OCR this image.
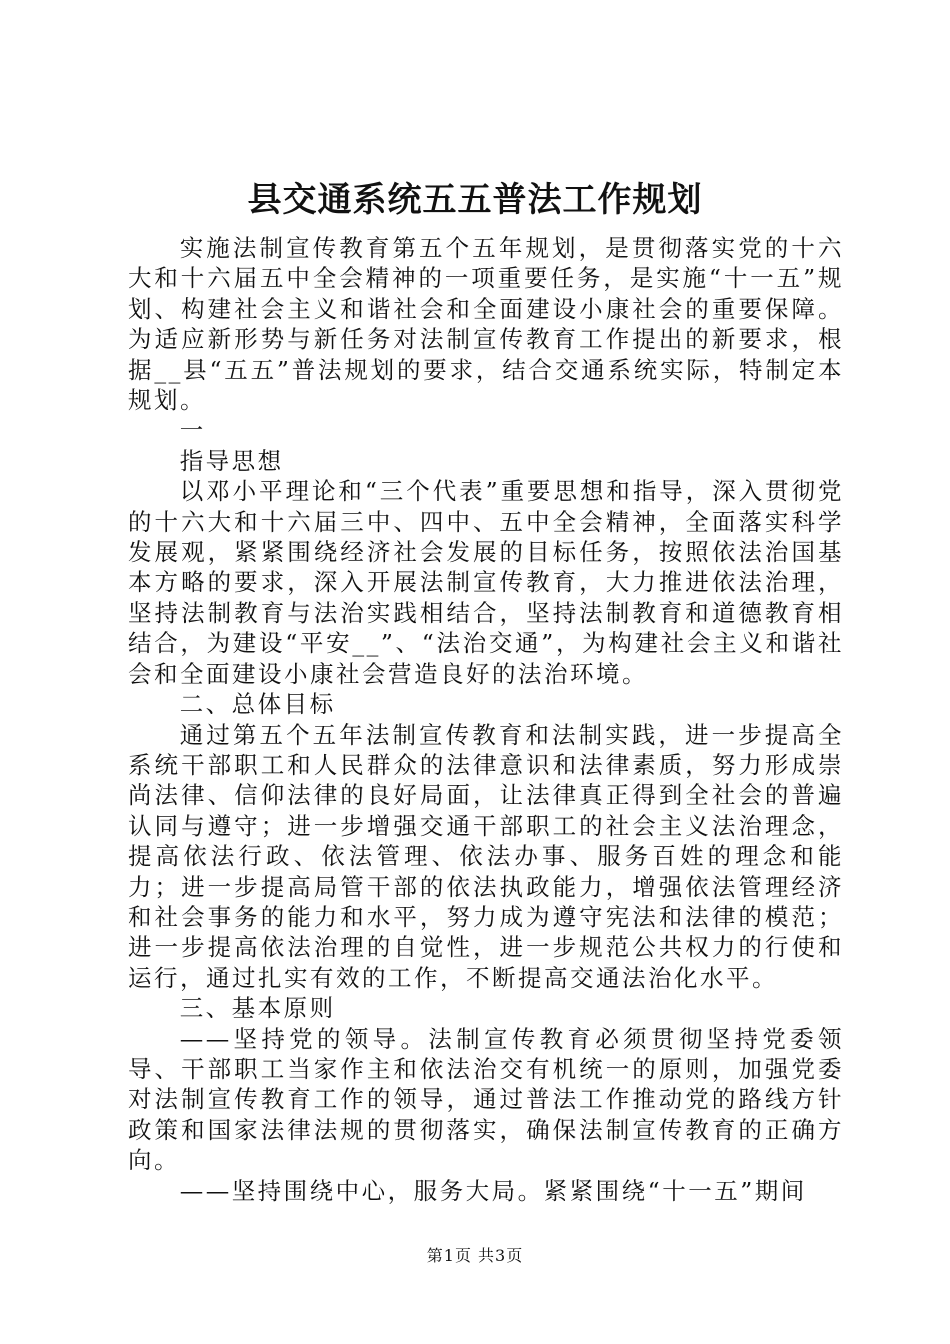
县交通系统五五普法工作规划

实施法制宣传教育第五个五年规划，是贯彻落实党的十六大和十六届五中全会精神的一项重要任务，是实施“十一五”规划、构建社会主义和谐社会和全面建设小康社会的重要保障。为适应新形势与新任务对法制宣传教育工作提出的新要求，根据__县“五五”普法规划的要求，结合交通系统实际，特制定本规划。

一

指导思想

以邓小平理论和“三个代表”重要思想和指导，深入贯彻党的十六大和十六届三中、四中、五中全会精神，全面落实科学发展观，紧紧围绕经济社会发展的目标任务，按照依法治国基本方略的要求，深入开展法制宣传教育，大力推进依法治理，坚持法制教育与法治实践相结合，坚持法制教育和道德教育相结合，为建设“平安__”、“法治交通”，为构建社会主义和谐社会和全面建设小康社会营造良好的法治环境。

二、总体目标

通过第五个五年法制宣传教育和法制实践，进一步提高全系统干部职工和人民群众的法律意识和法律素质，努力形成崇尚法律、信仰法律的良好局面，让法律真正得到全社会的普遍认同与遵守；进一步增强交通干部职工的社会主义法治理念，提高依法行政、依法管理、依法办事、服务百姓的理念和能力；进一步提高局管干部的依法执政能力，增强依法管理经济和社会事务的能力和水平，努力成为遵守宪法和法律的模范；进一步提高依法治理的自觉性，进一步规范公共权力的行使和运行，通过扎实有效的工作，不断提高交通法治化水平。

三、基本原则

——坚持党的领导。法制宣传教育必须贯彻坚持党委领导、干部职工当家作主和依法治交有机统一的原则，加强党委对法制宣传教育工作的领导，通过普法工作推动党的路线方针政策和国家法律法规的贯彻落实，确保法制宣传教育的正确方向。

——坚持围绕中心，服务大局。紧紧围绕“十一五”期间

第1页 共3页
